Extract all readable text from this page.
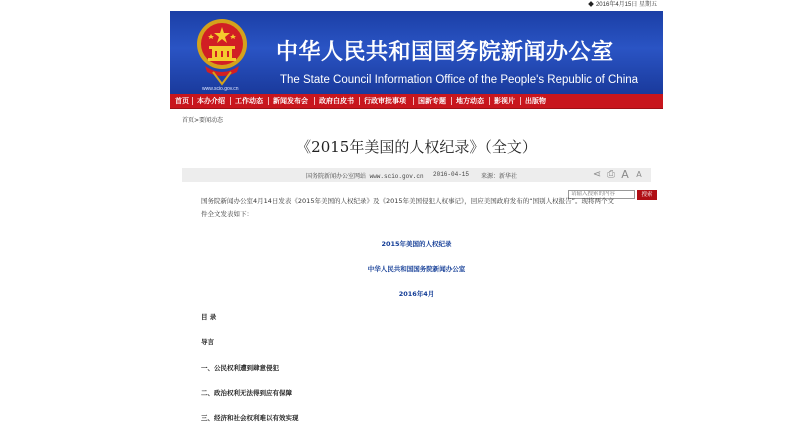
2016年4月15日 星期五
www.scio.gov.cn
中华人民共和国国务院新闻办公室
The State Council Information Office of the People's Republic of China
首页 本办介绍 工作动态 新闻发布会 政府白皮书 行政审批事项 国新专题 地方动态 影视片 出版物
请输入搜索的内容
搜索
首页>要闻动态
《2015年美国的人权纪录》（全文）
国务院新闻办公室网站 www.scio.gov.cn 2016-04-15 来源：新华社	⋖ ⎙ A A
国务院新闻办公室4月14日发表《2015年美国的人权纪录》及《2015年美国侵犯人权事记》，回应美国政府发布的“国别人权报告”。现将两个文
件全文发表如下：
2015年美国的人权纪录
中华人民共和国国务院新闻办公室
2016年4月
目 录
导言
一、公民权利遭到肆意侵犯
二、政治权利无法得到应有保障
三、经济和社会权利难以有效实现
